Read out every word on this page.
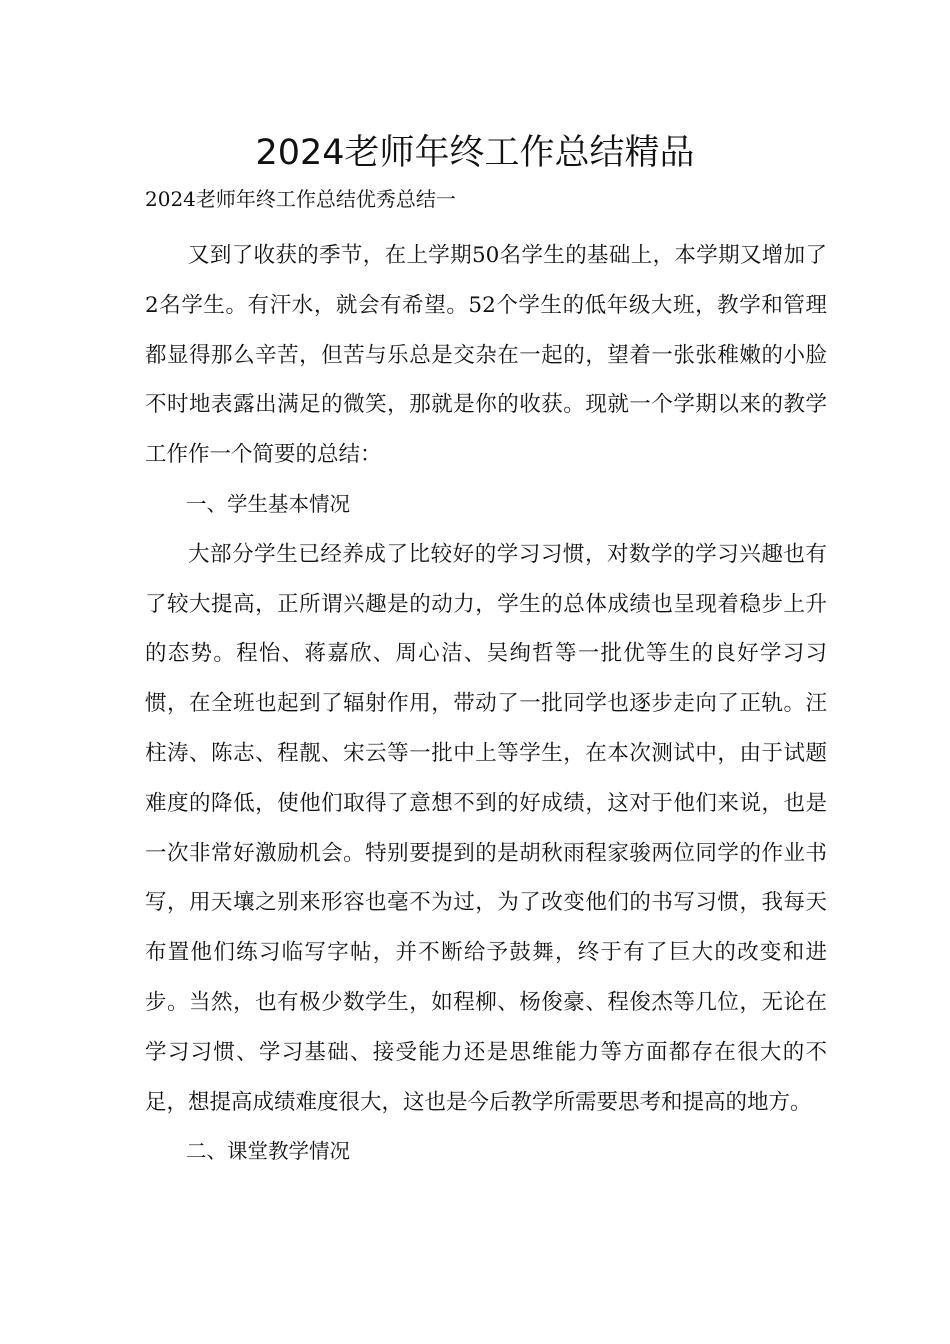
2024老师年终工作总结精品

2024老师年终工作总结优秀总结一

又到了收获的季节，在上学期50名学生的基础上，本学期又增加了2名学生。有汗水，就会有希望。52个学生的低年级大班，教学和管理都显得那么辛苦，但苦与乐总是交杂在一起的，望着一张张稚嫩的小脸不时地表露出满足的微笑，那就是你的收获。现就一个学期以来的教学工作作一个简要的总结：

一、学生基本情况

大部分学生已经养成了比较好的学习习惯，对数学的学习兴趣也有了较大提高，正所谓兴趣是的动力，学生的总体成绩也呈现着稳步上升的态势。程怡、蒋嘉欣、周心洁、吴绚哲等一批优等生的良好学习习惯，在全班也起到了辐射作用，带动了一批同学也逐步走向了正轨。汪柱涛、陈志、程靓、宋云等一批中上等学生，在本次测试中，由于试题难度的降低，使他们取得了意想不到的好成绩，这对于他们来说，也是一次非常好激励机会。特别要提到的是胡秋雨程家骏两位同学的作业书写，用天壤之别来形容也毫不为过，为了改变他们的书写习惯，我每天布置他们练习临写字帖，并不断给予鼓舞，终于有了巨大的改变和进步。当然，也有极少数学生，如程柳、杨俊豪、程俊杰等几位，无论在学习习惯、学习基础、接受能力还是思维能力等方面都存在很大的不足，想提高成绩难度很大，这也是今后教学所需要思考和提高的地方。

二、课堂教学情况
